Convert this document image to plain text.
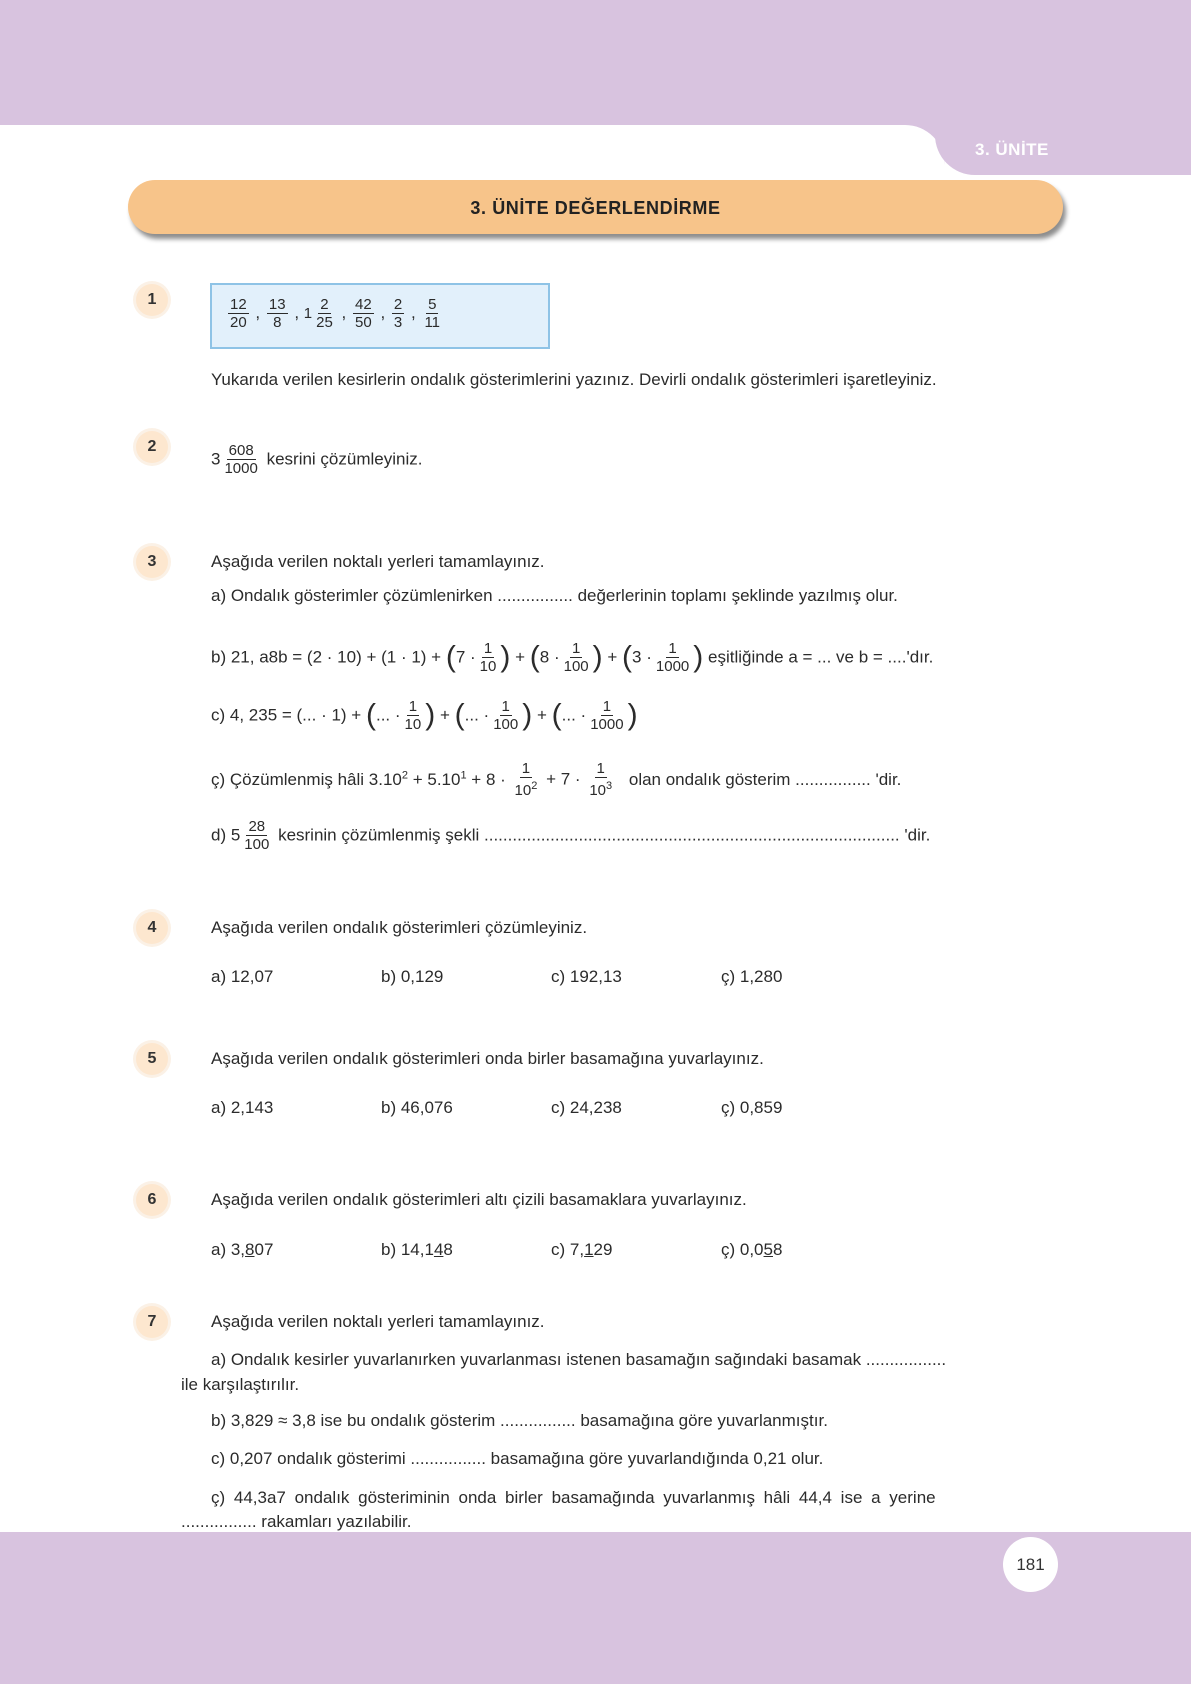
3. ÜNİTE
3. ÜNİTE DEĞERLENDİRME
1	$\frac{12}{20}$ , $\frac{13}{8}$ , $1 \frac{2}{25}$ , $\frac{42}{50}$ , $\frac{2}{3}$ , $\frac{5}{11}$
Yukarıda verilen kesirlerin ondalık gösterimlerini yazınız. Devirli ondalık gösterimleri işaretleyiniz.
2
$3 \frac{608}{1000}$ kesrini çözümleyiniz.
3	Aşağıda verilen noktalı yerleri tamamlayınız.
a) Ondalık gösterimler çözümlenirken ................ değerlerinin toplamı şeklinde yazılmış olur.
b) 21, $a8b = (2 \cdot 10) + (1 \cdot 1) + (7 \cdot \frac{1}{10}$ ) + ($8 \cdot \frac{1}{100}$ ) + ($3 \cdot \frac{1}{1000}$ ) eşitliğinde a = ... ve b = ....'dır.
c) 4, 235 = (... · 1) + (... · $\frac{1}{10}$ ) + (... · $\frac{1}{100}$ ) + (... · $\frac{1}{1000}$ )
ç) Çözümlenmiş hâli $3.10^2 + 5.10^1 + 8 \cdot \frac{1}{10^2} + 7 \cdot \frac{1}{10^3}$ olan ondalık gösterim ................ 'dir.
d) $5 \frac{28}{100}$ kesrinin çözümlenmiş şekli ........................................................................................ 'dir.
4	Aşağıda verilen ondalık gösterimleri çözümleyiniz.
a) 12,07	b) 0,129	c) 192,13	ç) 1,280
5	Aşağıda verilen ondalık gösterimleri onda birler basamağına yuvarlayınız.
a) 2,143	b) 46,076	c) 24,238	ç) 0,859
6	Aşağıda verilen ondalık gösterimleri altı çizili basamaklara yuvarlayınız.
a) 3,807	b) 14,148	c) 7,129	ç) 0,058
7	Aşağıda verilen noktalı yerleri tamamlayınız.
a) Ondalık kesirler yuvarlanırken yuvarlanması istenen basamağın sağındaki basamak .................
ile karşılaştırılır.
b) 3,829 ≈ 3,8 ise bu ondalık gösterim ................ basamağına göre yuvarlanmıştır.
c) 0,207 ondalık gösterimi ................ basamağına göre yuvarlandığında 0,21 olur.
ç) 44,3a7 ondalık gösteriminin onda birler basamağında yuvarlanmış hâli 44,4 ise a yerine
................ rakamları yazılabilir.
181
